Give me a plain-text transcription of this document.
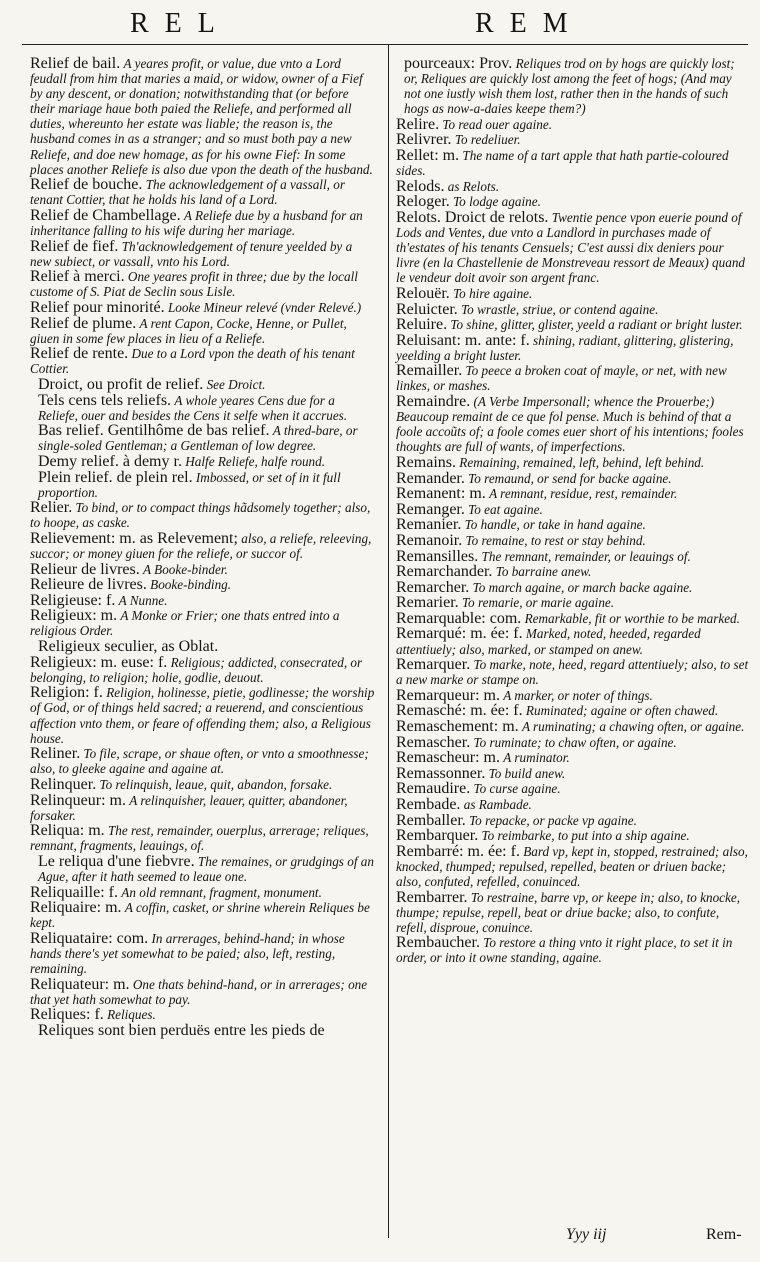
REL	REM
Relief de bail. A yeares profit, or value, due vnto a Lord feudall from him that maries a maid, or widow, owner of a Fief by any descent, or donation; notwithstanding that (or before their mariage haue both paied the Reliefe, and performed all duties, whereunto her estate was liable; the reason is, the husband comes in as a stranger; and so must both pay a new Reliefe, and doe new homage, as for his owne Fief: In some places another Reliefe is also due vpon the death of the husband.
Relief de bouche. The acknowledgement of a vassall, or tenant Cottier, that he holds his land of a Lord.
Relief de Chambellage. A Reliefe due by a husband for an inheritance falling to his wife during her mariage.
Relief de fief. Th'acknowledgement of tenure yeelded by a new subiect, or vassall, vnto his Lord.
Relief à merci. One yeares profit in three; due by the locall custome of S. Piat de Seclin sous Lisle.
Relief pour minorité. Looke Mineur relevé (vnder Relevé.)
Relief de plume. A rent Capon, Cocke, Henne, or Pullet, giuen in some few places in lieu of a Reliefe.
Relief de rente. Due to a Lord vpon the death of his tenant Cottier.
Droict, ou profit de relief. See Droict.
Tels cens tels reliefs. A whole yeares Cens due for a Reliefe, ouer and besides the Cens it selfe when it accrues.
Bas relief. Gentilhôme de bas relief. A thred-bare, or single-soled Gentleman; a Gentleman of low degree.
Demy relief. à demy r. Halfe Reliefe, halfe round.
Plein relief. de plein rel. Imbossed, or set of in it full proportion.
Relier. To bind, or to compact things hãdsomely together; also, to hoope, as caske.
Relievement: m. as Relevement; also, a reliefe, releeving, succor; or money giuen for the reliefe, or succor of.
Relieur de livres. A Booke-binder.
Relieure de livres. Booke-binding.
Religieuse: f. A Nunne.
Religieux: m. A Monke or Frier; one thats entred into a religious Order.
Religieux seculier, as Oblat.
Religieux: m. euse: f. Religious; addicted, consecrated, or belonging, to religion; holie, godlie, deuout.
Religion: f. Religion, holinesse, pietie, godlinesse; the worship of God, or of things held sacred; a reuerend, and conscientious affection vnto them, or feare of offending them; also, a Religious house.
Reliner. To file, scrape, or shaue often, or vnto a smoothnesse; also, to gleeke againe and againe at.
Relinquer. To relinquish, leaue, quit, abandon, forsake.
Relinqueur: m. A relinquisher, leauer, quitter, abandoner, forsaker.
Reliqua: m. The rest, remainder, ouerplus, arrerage; reliques, remnant, fragments, leauings, of.
Le reliqua d'une fiebvre. The remaines, or grudgings of an Ague, after it hath seemed to leaue one.
Reliquaille: f. An old remnant, fragment, monument.
Reliquaire: m. A coffin, casket, or shrine wherein Reliques be kept.
Reliquataire: com. In arrerages, behind-hand; in whose hands there's yet somewhat to be paied; also, left, resting, remaining.
Reliquateur: m. One thats behind-hand, or in arrerages; one that yet hath somewhat to pay.
Reliques: f. Reliques.
Reliques sont bien perduës entre les pieds de
pourceaux: Prov. Reliques trod on by hogs are quickly lost; or, Reliques are quickly lost among the feet of hogs; (And may not one iustly wish them lost, rather then in the hands of such hogs as now-a-daies keepe them?)
Relire. To read ouer againe.
Relivrer. To redeliuer.
Rellet: m. The name of a tart apple that hath partie-coloured sides.
Relods. as Relots.
Reloger. To lodge againe.
Relots. Droict de relots. Twentie pence vpon euerie pound of Lods and Ventes, due vnto a Landlord in purchases made of th'estates of his tenants Censuels; C'est aussi dix deniers pour livre (en la Chastellenie de Monstreveau ressort de Meaux) quand le vendeur doit avoir son argent franc.
Relouër. To hire againe.
Reluicter. To wrastle, striue, or contend againe.
Reluire. To shine, glitter, glister, yeeld a radiant or bright luster.
Reluisant: m. ante: f. shining, radiant, glittering, glistering, yeelding a bright luster.
Remailler. To peece a broken coat of mayle, or net, with new linkes, or mashes.
Remaindre. (A Verbe Impersonall; whence the Prouerbe;) Beaucoup remaint de ce que fol pense. Much is behind of that a foole accoũts of; a foole comes euer short of his intentions; fooles thoughts are full of wants, of imperfections.
Remains. Remaining, remained, left, behind, left behind.
Remander. To remaund, or send for backe againe.
Remanent: m. A remnant, residue, rest, remainder.
Remanger. To eat againe.
Remanier. To handle, or take in hand againe.
Remanoir. To remaine, to rest or stay behind.
Remansilles. The remnant, remainder, or leauings of.
Remarchander. To barraine anew.
Remarcher. To march againe, or march backe againe.
Remarier. To remarie, or marie againe.
Remarquable: com. Remarkable, fit or worthie to be marked.
Remarqué: m. ée: f. Marked, noted, heeded, regarded attentiuely; also, marked, or stamped on anew.
Remarquer. To marke, note, heed, regard attentiuely; also, to set a new marke or stampe on.
Remarqueur: m. A marker, or noter of things.
Remasché: m. ée: f. Ruminated; againe or often chawed.
Remaschement: m. A ruminating; a chawing often, or againe.
Remascher. To ruminate; to chaw often, or againe.
Remascheur: m. A ruminator.
Remassonner. To build anew.
Remaudire. To curse againe.
Rembade. as Rambade.
Remballer. To repacke, or packe vp againe.
Rembarquer. To reimbarke, to put into a ship againe.
Rembarré: m. ée: f. Bard vp, kept in, stopped, restrained; also, knocked, thumped; repulsed, repelled, beaten or driuen backe; also, confuted, refelled, conuinced.
Rembarrer. To restraine, barre vp, or keepe in; also, to knocke, thumpe; repulse, repell, beat or driue backe; also, to confute, refell, disproue, conuince.
Rembaucher. To restore a thing vnto it right place, to set it in order, or into it owne standing, againe.
Yyy iij	Rem-
